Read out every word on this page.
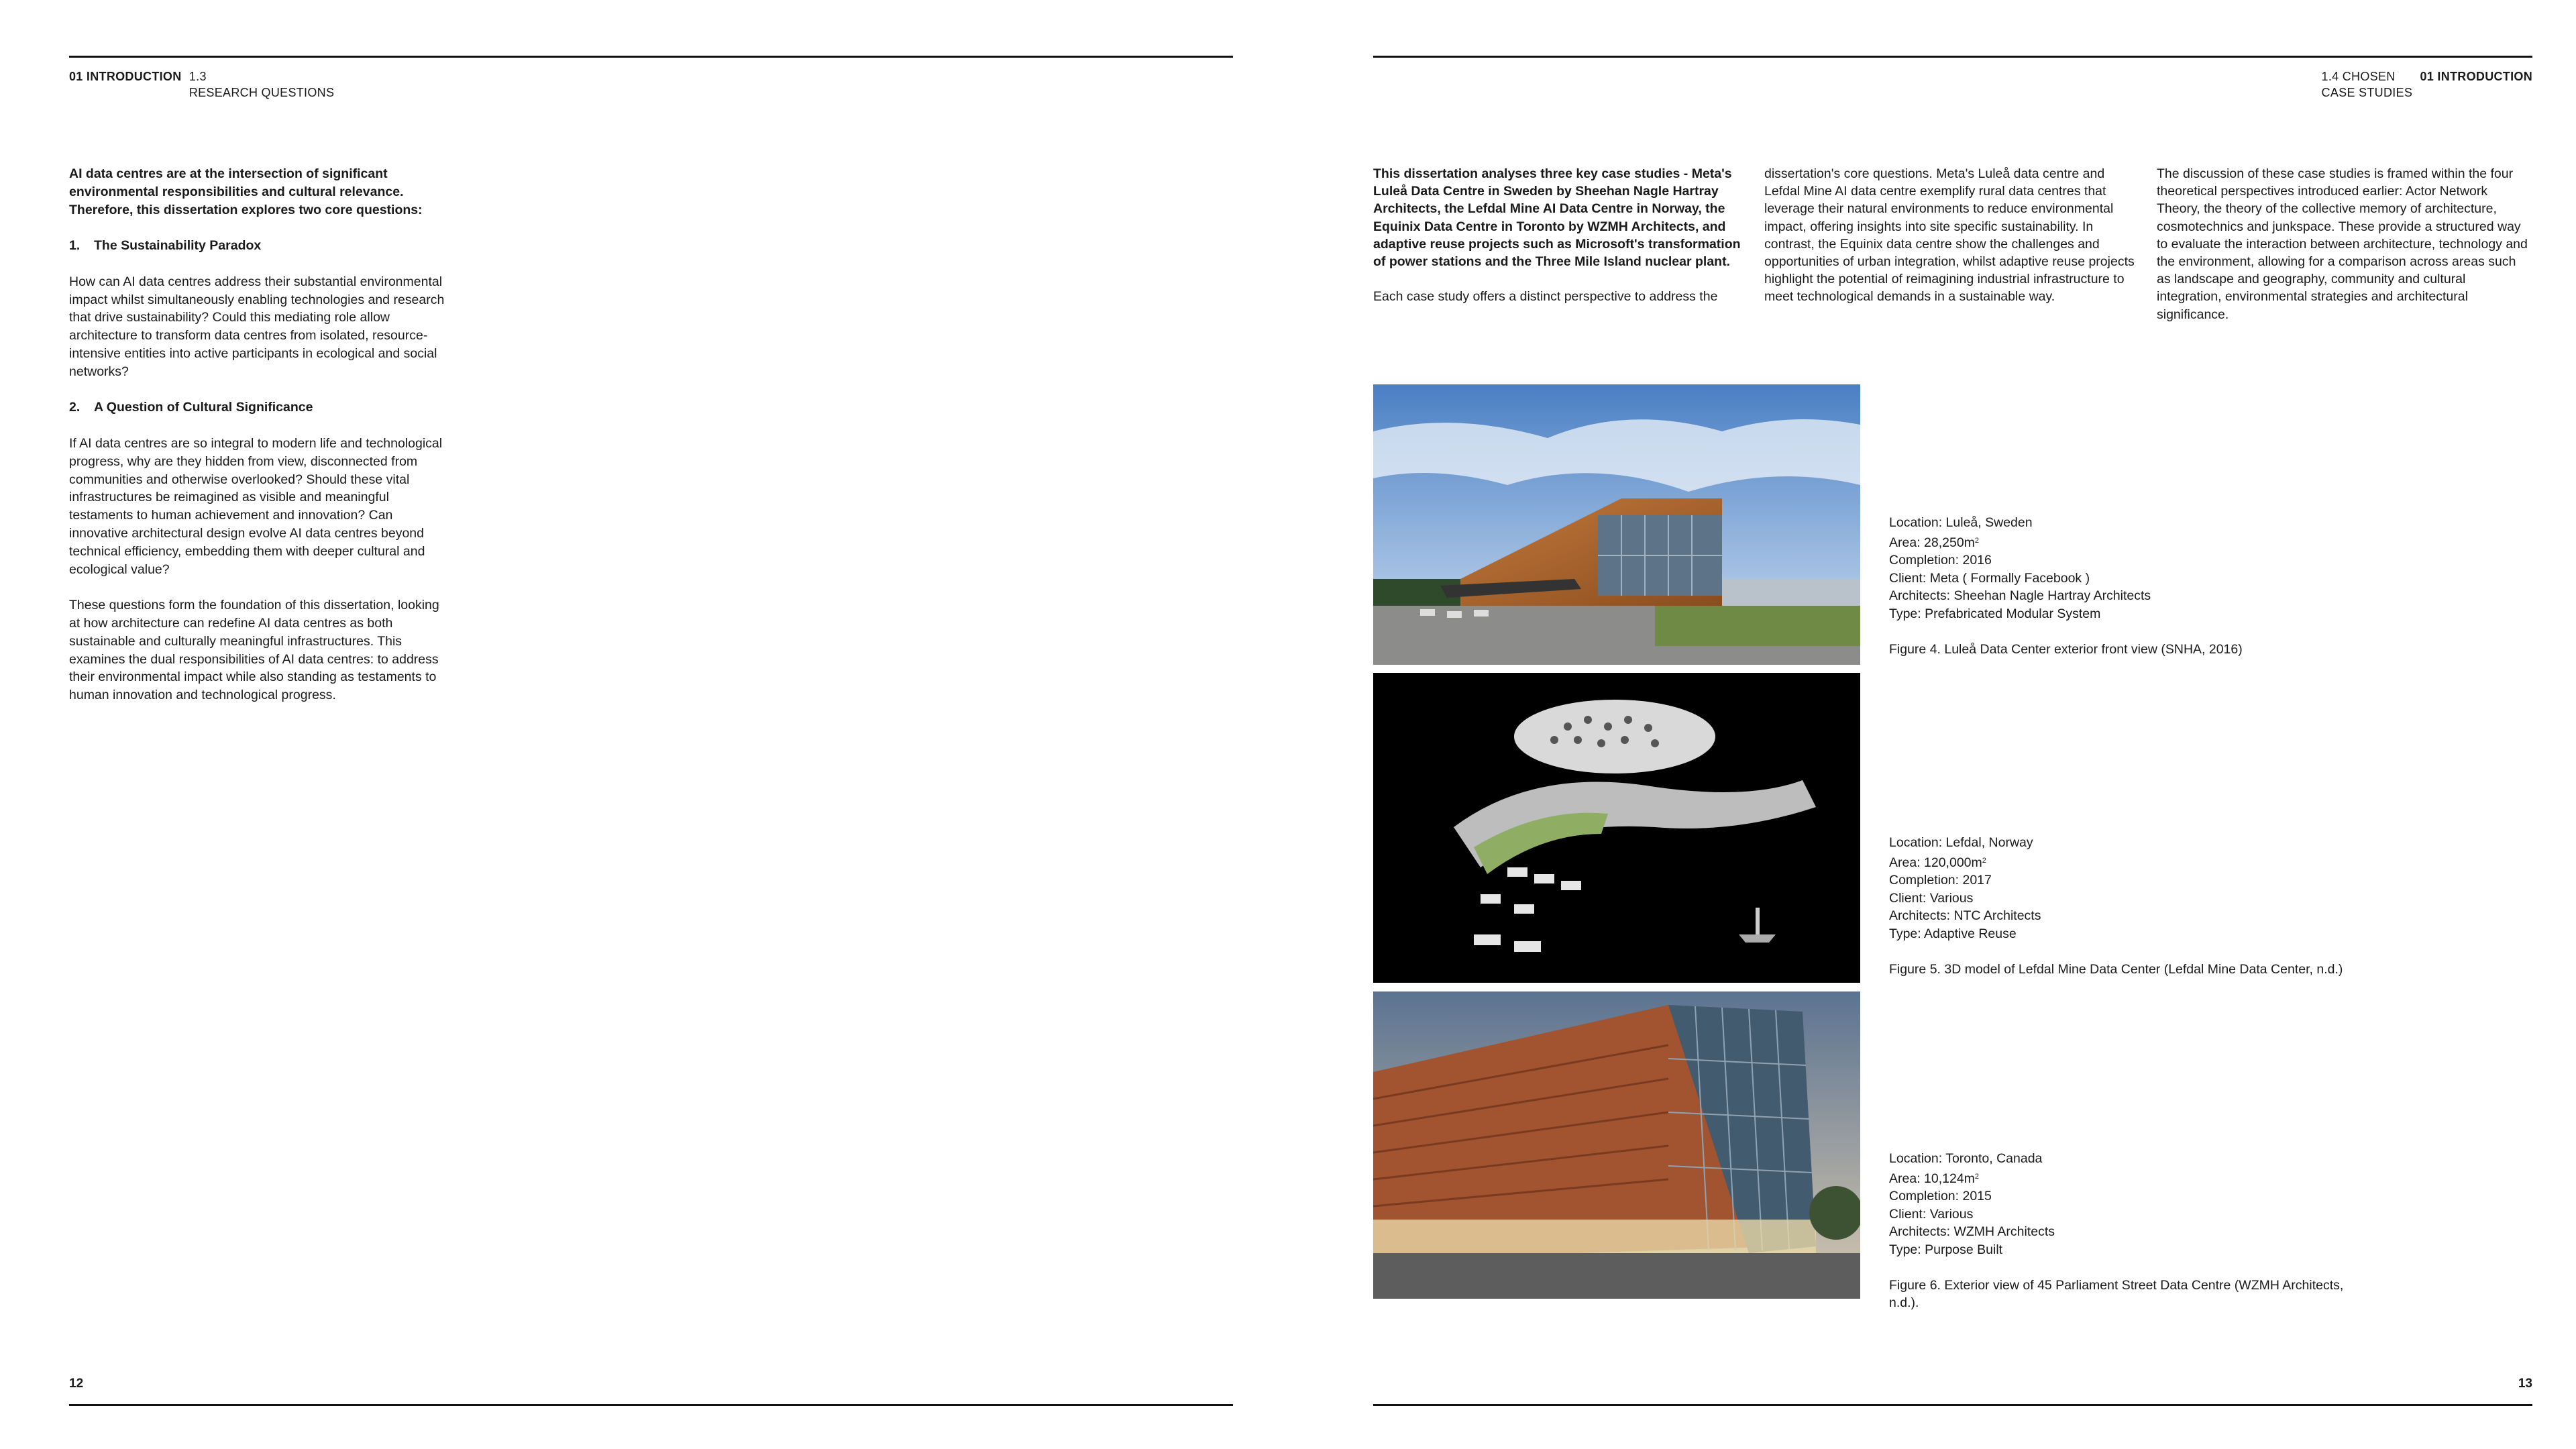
01 INTRODUCTION 1.3
RESEARCH QUESTIONS

AI data centres are at the intersection of significant environmental responsibilities and cultural relevance. Therefore, this dissertation explores two core questions:

1.	The Sustainability Paradox

How can AI data centres address their substantial environmental impact whilst simultaneously enabling technologies and research that drive sustainability? Could this mediating role allow architecture to transform data centres from isolated, resource-intensive entities into active participants in ecological and social networks?

2.	A Question of Cultural Significance

If AI data centres are so integral to modern life and technological progress, why are they hidden from view, disconnected from communities and otherwise overlooked? Should these vital infrastructures be reimagined as visible and meaningful testaments to human achievement and innovation? Can innovative architectural design evolve AI data centres beyond technical efficiency, embedding them with deeper cultural and ecological value?

These questions form the foundation of this dissertation, looking at how architecture can redefine AI data centres as both sustainable and culturally meaningful infrastructures. This examines the dual responsibilities of AI data centres: to address their environmental impact while also standing as testaments to human innovation and technological progress.

12
1.4 CHOSEN
CASE STUDIES 01 INTRODUCTION

This dissertation analyses three key case studies - Meta's Luleå Data Centre in Sweden by Sheehan Nagle Hartray Architects, the Lefdal Mine AI Data Centre in Norway, the Equinix Data Centre in Toronto by WZMH Architects, and adaptive reuse projects such as Microsoft's transformation of power stations and the Three Mile Island nuclear plant.

Each case study offers a distinct perspective to address the

dissertation's core questions. Meta's Luleå data centre and Lefdal Mine AI data centre exemplify rural data centres that leverage their natural environments to reduce environmental impact, offering insights into site specific sustainability. In contrast, the Equinix data centre show the challenges and opportunities of urban integration, whilst adaptive reuse projects highlight the potential of reimagining industrial infrastructure to meet technological demands in a sustainable way.

The discussion of these case studies is framed within the four theoretical perspectives introduced earlier: Actor Network Theory, the theory of the collective memory of architecture, cosmotechnics and junkspace. These provide a structured way to evaluate the interaction between architecture, technology and the environment, allowing for a comparison across areas such as landscape and geography, community and cultural integration, environmental strategies and architectural significance.

Location: Luleå, Sweden
Area: $28,250m^2$
Completion: 2016
Client: Meta ( Formally Facebook )
Architects: Sheehan Nagle Hartray Architects
Type: Prefabricated Modular System
Figure 4. Luleå Data Center exterior front view (SNHA, 2016)
Location: Lefdal, Norway
Area: $120,000m^2$
Completion: 2017
Client: Various
Architects: NTC Architects
Type: Adaptive Reuse
Figure 5. 3D model of Lefdal Mine Data Center (Lefdal Mine Data Center, n.d.)
Location: Toronto, Canada
Area: $10,124m^2$
Completion: 2015
Client: Various
Architects: WZMH Architects
Type: Purpose Built
Figure 6. Exterior view of 45 Parliament Street Data Centre (WZMH Architects, n.d.).
13
